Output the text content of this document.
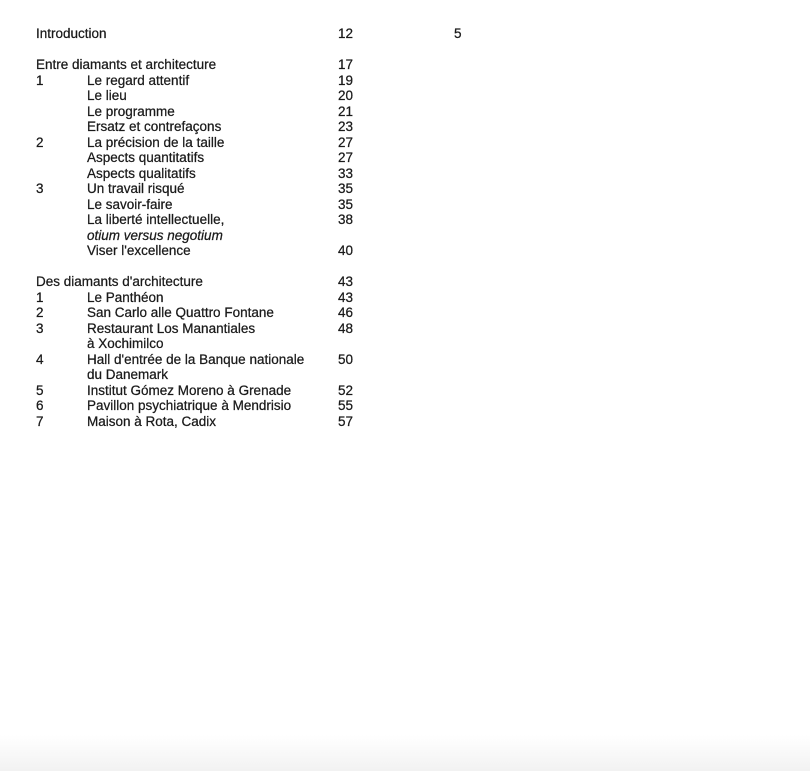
5
Introduction	12
Entre diamants et architecture	17
1	Le regard attentif	19
Le lieu	20
Le programme	21
Ersatz et contrefaçons	23
2	La précision de la taille	27
Aspects quantitatifs	27
Aspects qualitatifs	33
3	Un travail risqué	35
Le savoir-faire	35
La liberté intellectuelle,	38
otium versus negotium
Viser l'excellence	40
Des diamants d'architecture	43
1	Le Panthéon	43
2	San Carlo alle Quattro Fontane	46
3	Restaurant Los Manantiales	48
à Xochimilco
4	Hall d'entrée de la Banque nationale	50
du Danemark
5	Institut Gómez Moreno à Grenade	52
6	Pavillon psychiatrique à Mendrisio	55
7	Maison à Rota, Cadix	57
